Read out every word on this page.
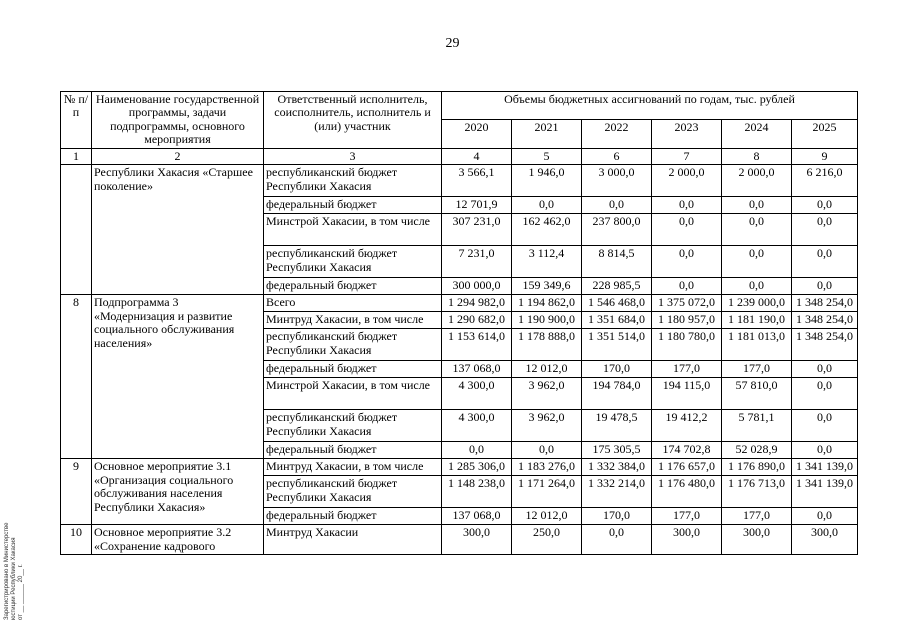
29
№ п/п	Наименование государственной программы, задачи подпрограммы, основного мероприятия	Ответственный исполнитель, соисполнитель, исполнитель и (или) участник	Объемы бюджетных ассигнований по годам, тыс. рублей					
			2020	2021	2022	2023	2024	2025
1	2	3	4	5	6	7	8	9
	Республики Хакасия «Старшее поколение»	республиканский бюджет Республики Хакасия	3 566,1	1 946,0	3 000,0	2 000,0	2 000,0	6 216,0
		федеральный бюджет	12 701,9	0,0	0,0	0,0	0,0	0,0
		Минстрой Хакасии, в том числе	307 231,0	162 462,0	237 800,0	0,0	0,0	0,0
		республиканский бюджет Республики Хакасия	7 231,0	3 112,4	8 814,5	0,0	0,0	0,0
		федеральный бюджет	300 000,0	159 349,6	228 985,5	0,0	0,0	0,0
8	Подпрограмма 3 «Модернизация и развитие социального обслуживания населения»	Всего	1 294 982,0	1 194 862,0	1 546 468,0	1 375 072,0	1 239 000,0	1 348 254,0
		Минтруд Хакасии, в том числе	1 290 682,0	1 190 900,0	1 351 684,0	1 180 957,0	1 181 190,0	1 348 254,0
		республиканский бюджет Республики Хакасия	1 153 614,0	1 178 888,0	1 351 514,0	1 180 780,0	1 181 013,0	1 348 254,0
		федеральный бюджет	137 068,0	12 012,0	170,0	177,0	177,0	0,0
		Минстрой Хакасии, в том числе	4 300,0	3 962,0	194 784,0	194 115,0	57 810,0	0,0
		республиканский бюджет Республики Хакасия	4 300,0	3 962,0	19 478,5	19 412,2	5 781,1	0,0
		федеральный бюджет	0,0	0,0	175 305,5	174 702,8	52 028,9	0,0
9	Основное мероприятие 3.1 «Организация социального обслуживания населения Республики Хакасия»	Минтруд Хакасии, в том числе	1 285 306,0	1 183 276,0	1 332 384,0	1 176 657,0	1 176 890,0	1 341 139,0
		республиканский бюджет Республики Хакасия	1 148 238,0	1 171 264,0	1 332 214,0	1 176 480,0	1 176 713,0	1 341 139,0
		федеральный бюджет	137 068,0	12 012,0	170,0	177,0	177,0	0,0
10	Основное мероприятие 3.2 «Сохранение кадрового	Минтруд Хакасии	300,0	250,0	0,0	300,0	300,0	300,0
Зарегистрировано в Министерстве
юстиции Республики Хакасия
от __ ______ 20__ г.
